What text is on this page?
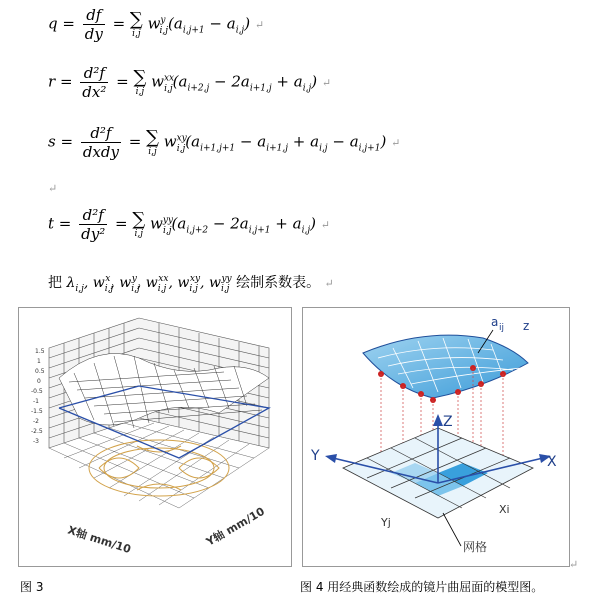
$q = \frac{df}{dy}$ = ∑
i,j
$w^y_{i,j}(a_{i,j+1} - a_{i,j})$ ↵
$r = \frac{\text{d²f}}{\text{dx²}}$ = ∑
i,j
$w^{xx}_{i,j}(a_{i+2,j} - 2a_{i+1,j} + a_{i,j})$ ↵
$s = \frac{\text{d²f}}{\text{dxdy}}$ = ∑
i,j
$w^{xy}_{i,j}(a_{i+1,j+1} - a_{i+1,j} + a_{i,j} - a_{i,j+1})$ ↵
↵
$t = \frac{\text{d²f}}{\text{dy²}}$ = ∑
i,j
$w^{yy}_{i,j}(a_{i,j+2} - 2a_{i,j+1} + a_{i,j})$ ↵
把 $\lambda_{i,j}$, $w_{i,j}^x$, $w_{i,j}^y$, $w_{i,j}^{xx}$, $w_{i,j}^{xy}$, $w_{i,j}^{yy}$ 绘制系数表。 ↵
1.5
1
0.5
0
-0.5
-1
-1.5
-2
-2.5
-3
X轴 mm/10	Y轴 mm/10
图 3
a ij z
Z
Y	X
Yj
Xi
网格
图 4 用经典函数绘成的镜片曲屈面的模型图。
↵
